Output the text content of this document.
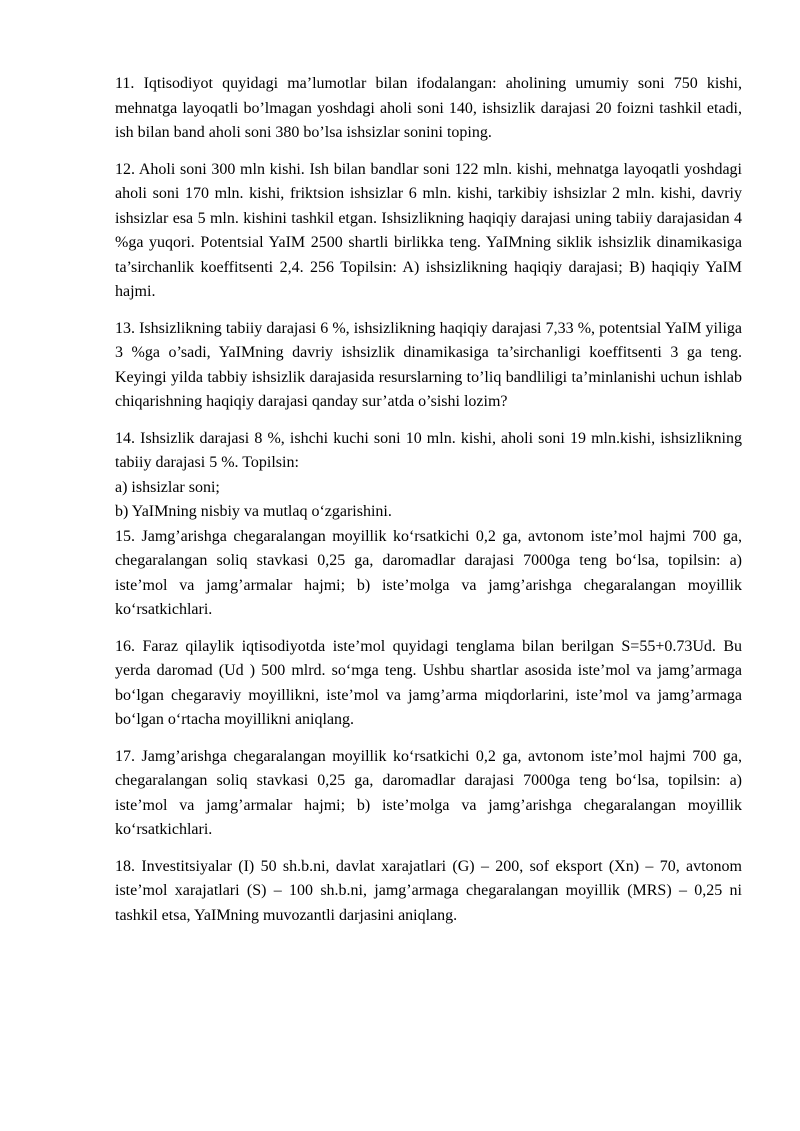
11. Iqtisodiyot quyidagi ma’lumotlar bilan ifodalangan: aholining umumiy soni 750 kishi, mehnatga layoqatli bo’lmagan yoshdagi aholi soni 140, ishsizlik darajasi 20 foizni tashkil etadi, ish bilan band aholi soni 380 bo’lsa ishsizlar sonini toping.

12. Aholi soni 300 mln kishi. Ish bilan bandlar soni 122 mln. kishi, mehnatga layoqatli yoshdagi aholi soni 170 mln. kishi, friktsion ishsizlar 6 mln. kishi, tarkibiy ishsizlar 2 mln. kishi, davriy ishsizlar esa 5 mln. kishini tashkil etgan. Ishsizlikning haqiqiy darajasi uning tabiiy darajasidan 4 %ga yuqori. Potentsial YaIM 2500 shartli birlikka teng. YaIMning siklik ishsizlik dinamikasiga ta’sirchanlik koeffitsenti 2,4. 256 Topilsin: A) ishsizlikning haqiqiy darajasi; B) haqiqiy YaIM hajmi.

13. Ishsizlikning tabiiy darajasi 6 %, ishsizlikning haqiqiy darajasi 7,33 %, potentsial YaIM yiliga 3 %ga o’sadi, YaIMning davriy ishsizlik dinamikasiga ta’sirchanligi koeffitsenti 3 ga teng. Keyingi yilda tabbiy ishsizlik darajasida resurslarning to’liq bandliligi ta’minlanishi uchun ishlab chiqarishning haqiqiy darajasi qanday sur’atda o’sishi lozim?

14. Ishsizlik darajasi 8 %, ishchi kuchi soni 10 mln. kishi, aholi soni 19 mln.kishi, ishsizlikning tabiiy darajasi 5 %. Topilsin:

a) ishsizlar soni;

b) YaIMning nisbiy va mutlaq o‘zgarishini.

15. Jamg’arishga chegaralangan moyillik ko‘rsatkichi 0,2 ga, avtonom iste’mol hajmi 700 ga, chegaralangan soliq stavkasi 0,25 ga, daromadlar darajasi 7000ga teng bo‘lsa, topilsin: a) iste’mol va jamg’armalar hajmi; b) iste’molga va jamg’arishga chegaralangan moyillik ko‘rsatkichlari.

16. Faraz qilaylik iqtisodiyotda iste’mol quyidagi tenglama bilan berilgan S=55+0.73Ud. Bu yerda daromad (Ud ) 500 mlrd. so‘mga teng. Ushbu shartlar asosida iste’mol va jamg’armaga bo‘lgan chegaraviy moyillikni, iste’mol va jamg’arma miqdorlarini, iste’mol va jamg’armaga bo‘lgan o‘rtacha moyillikni aniqlang.

17. Jamg’arishga chegaralangan moyillik ko‘rsatkichi 0,2 ga, avtonom iste’mol hajmi 700 ga, chegaralangan soliq stavkasi 0,25 ga, daromadlar darajasi 7000ga teng bo‘lsa, topilsin: a) iste’mol va jamg’armalar hajmi; b) iste’molga va jamg’arishga chegaralangan moyillik ko‘rsatkichlari.

18. Investitsiyalar (I) 50 sh.b.ni, davlat xarajatlari (G) – 200, sof eksport (Xn) – 70, avtonom iste’mol xarajatlari (S) – 100 sh.b.ni, jamg’armaga chegaralangan moyillik (MRS) – 0,25 ni tashkil etsa, YaIMning muvozantli darjasini aniqlang.
